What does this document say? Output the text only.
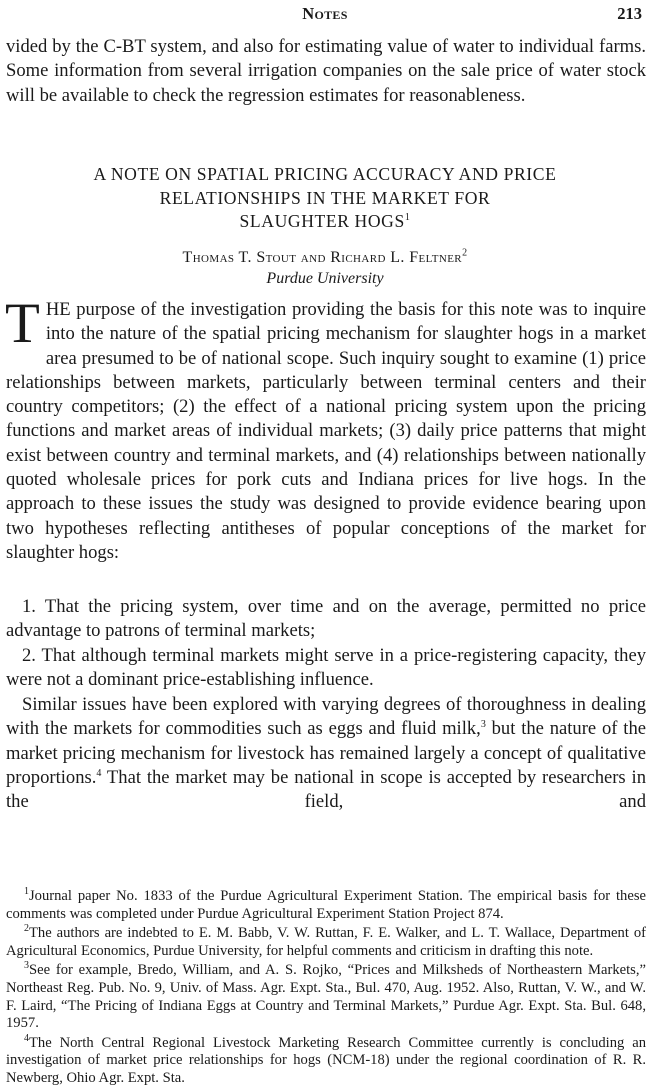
Notes	213

vided by the C-BT system, and also for estimating value of water to individual farms. Some information from several irrigation companies on the sale price of water stock will be available to check the regression estimates for reasonableness.

A NOTE ON SPATIAL PRICING ACCURACY AND PRICE
RELATIONSHIPS IN THE MARKET FOR
SLAUGHTER HOGS$^1$
Thomas T. Stout and Richard L. Feltner$^2$
Purdue University

THE purpose of the investigation providing the basis for this note was to inquire into the nature of the spatial pricing mechanism for slaughter hogs in a market area presumed to be of national scope. Such inquiry sought to examine (1) price relationships between markets, particularly between terminal centers and their country competitors; (2) the effect of a national pricing system upon the pricing functions and market areas of individual markets; (3) daily price patterns that might exist between country and terminal markets, and (4) relationships between nationally quoted wholesale prices for pork cuts and Indiana prices for live hogs. In the approach to these issues the study was designed to provide evidence bearing upon two hypotheses reflecting antitheses of popular conceptions of the market for slaughter hogs:

1. That the pricing system, over time and on the average, permitted no price advantage to patrons of terminal markets;

2. That although terminal markets might serve in a price-registering capacity, they were not a dominant price-establishing influence.

Similar issues have been explored with varying degrees of thoroughness in dealing with the markets for commodities such as eggs and fluid milk,$^3$ but the nature of the market pricing mechanism for livestock has remained largely a concept of qualitative proportions.$^4$ That the market may be national in scope is accepted by researchers in the field, and

$^1$Journal paper No. 1833 of the Purdue Agricultural Experiment Station. The empirical basis for these comments was completed under Purdue Agricultural Experiment Station Project 874.

$^2$The authors are indebted to E. M. Babb, V. W. Ruttan, F. E. Walker, and L. T. Wallace, Department of Agricultural Economics, Purdue University, for helpful comments and criticism in drafting this note.

$^3$See for example, Bredo, William, and A. S. Rojko, “Prices and Milksheds of Northeastern Markets,” Northeast Reg. Pub. No. 9, Univ. of Mass. Agr. Expt. Sta., Bul. 470, Aug. 1952. Also, Ruttan, V. W., and W. F. Laird, “The Pricing of Indiana Eggs at Country and Terminal Markets,” Purdue Agr. Expt. Sta. Bul. 648, 1957.

$^4$The North Central Regional Livestock Marketing Research Committee currently is concluding an investigation of market price relationships for hogs (NCM-18) under the regional coordination of R. R. Newberg, Ohio Agr. Expt. Sta.
